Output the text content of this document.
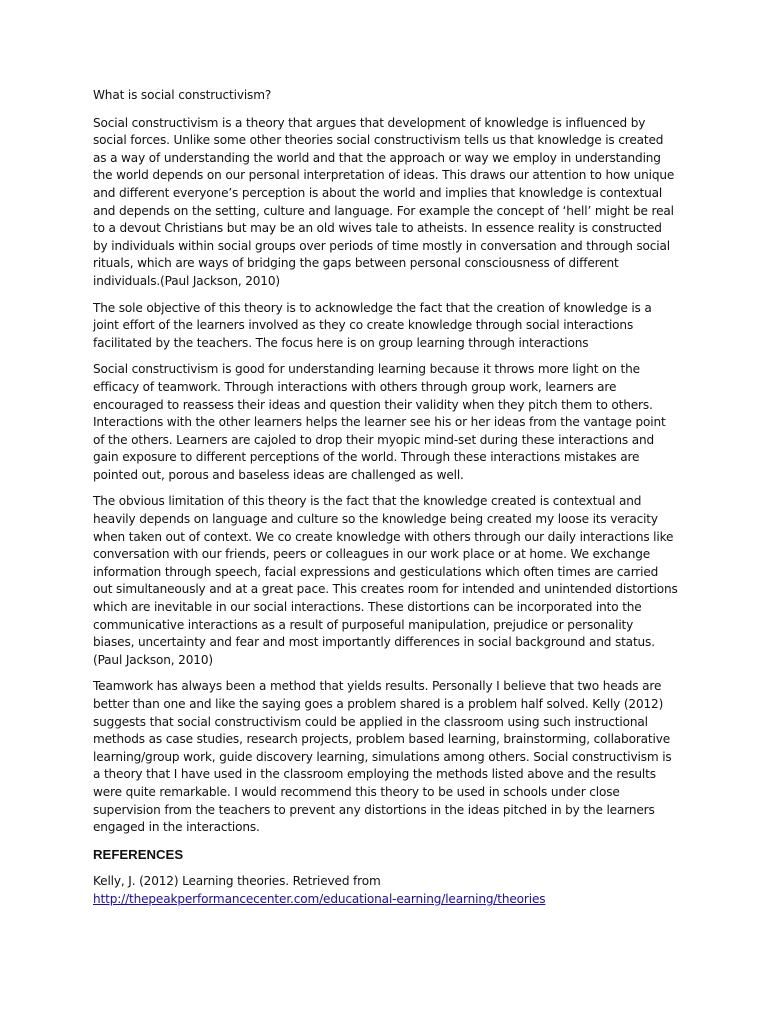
What is social constructivism?

Social constructivism is a theory that argues that development of knowledge is influenced by social forces. Unlike some other theories social constructivism tells us that knowledge is created as a way of understanding the world and that the approach or way we employ in understanding the world depends on our personal interpretation of ideas. This draws our attention to how unique and different everyone’s perception is about the world and implies that knowledge is contextual and depends on the setting, culture and language. For example the concept of ‘hell’ might be real to a devout Christians but may be an old wives tale to atheists. In essence reality is constructed by individuals within social groups over periods of time mostly in conversation and through social rituals, which are ways of bridging the gaps between personal consciousness of different individuals.(Paul Jackson, 2010)

The sole objective of this theory is to acknowledge the fact that the creation of knowledge is a joint effort of the learners involved as they co create knowledge through social interactions facilitated by the teachers. The focus here is on group learning through interactions

Social constructivism is good for understanding learning because it throws more light on the efficacy of teamwork. Through interactions with others through group work, learners are encouraged to reassess their ideas and question their validity when they pitch them to others. Interactions with the other learners helps the learner see his or her ideas from the vantage point of the others. Learners are cajoled to drop their myopic mind-set during these interactions and gain exposure to different perceptions of the world. Through these interactions mistakes are pointed out, porous and baseless ideas are challenged as well.

The obvious limitation of this theory is the fact that the knowledge created is contextual and heavily depends on language and culture so the knowledge being created my loose its veracity when taken out of context. We co create knowledge with others through our daily interactions like conversation with our friends, peers or colleagues in our work place or at home. We exchange information through speech, facial expressions and gesticulations which often times are carried out simultaneously and at a great pace. This creates room for intended and unintended distortions which are inevitable in our social interactions. These distortions can be incorporated into the communicative interactions as a result of purposeful manipulation, prejudice or personality biases, uncertainty and fear and most importantly differences in social background and status. (Paul Jackson, 2010)

Teamwork has always been a method that yields results. Personally I believe that two heads are better than one and like the saying goes a problem shared is a problem half solved. Kelly (2012) suggests that social constructivism could be applied in the classroom using such instructional methods as case studies, research projects, problem based learning, brainstorming, collaborative learning/group work, guide discovery learning, simulations among others. Social constructivism is a theory that I have used in the classroom employing the methods listed above and the results were quite remarkable. I would recommend this theory to be used in schools under close supervision from the teachers to prevent any distortions in the ideas pitched in by the learners engaged in the interactions.

REFERENCES

Kelly, J. (2012) Learning theories. Retrieved from
http://thepeakperformancecenter.com/educational-earning/learning/theories
